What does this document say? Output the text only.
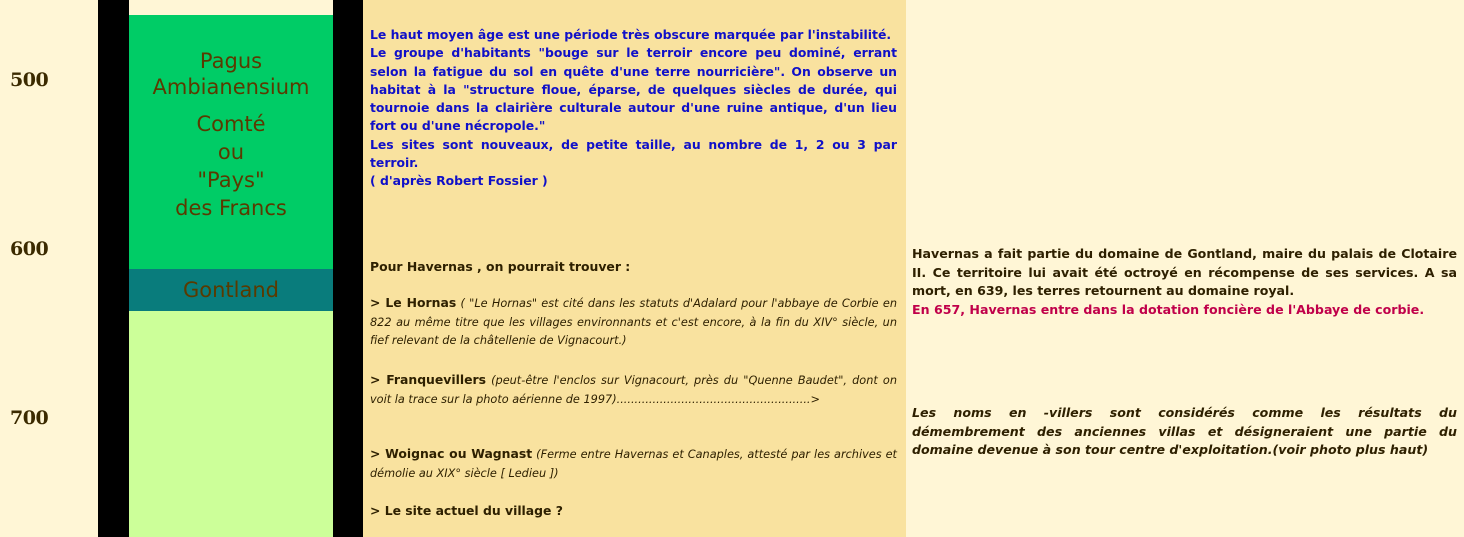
500
600
700
Pagus
Ambianensium
Comté
ou
"Pays"
des Francs
Gontland

Le haut moyen âge est une période très obscure marquée par l'instabilité.

Le groupe d'habitants "bouge sur le terroir encore peu dominé, errant selon la fatigue du sol en quête d'une terre nourricière". On observe un habitat à la "structure floue, éparse, de quelques siècles de durée, qui tournoie dans la clairière culturale autour d'une ruine antique, d'un lieu fort ou d'une nécropole."

Les sites sont nouveaux, de petite taille, au nombre de 1, 2 ou 3 par terroir.

( d'après Robert Fossier )

Pour Havernas , on pourrait trouver :
> Le Hornas ( "Le Hornas" est cité dans les statuts d'Adalard pour l'abbaye de Corbie en 822 au même titre que les villages environnants et c'est encore, à la fin du XIV° siècle, un fief relevant de la châtellenie de Vignacourt.)
> Franquevillers (peut-être l'enclos sur Vignacourt, près du "Quenne Baudet", dont on voit la trace sur la photo aérienne de 1997)......................................................>
> Woignac ou Wagnast (Ferme entre Havernas et Canaples, attesté par les archives et démolie au XIX° siècle [ Ledieu ])
> Le site actuel du village ?
Havernas a fait partie du domaine de Gontland, maire du palais de Clotaire II. Ce territoire lui avait été octroyé en récompense de ses services. A sa mort, en 639, les terres retournent au domaine royal.
En 657, Havernas entre dans la dotation foncière de l'Abbaye de corbie.
Les noms en -villers sont considérés comme les résultats du démembrement des anciennes villas et désigneraient une partie du domaine devenue à son tour centre d'exploitation.(voir photo plus haut)
